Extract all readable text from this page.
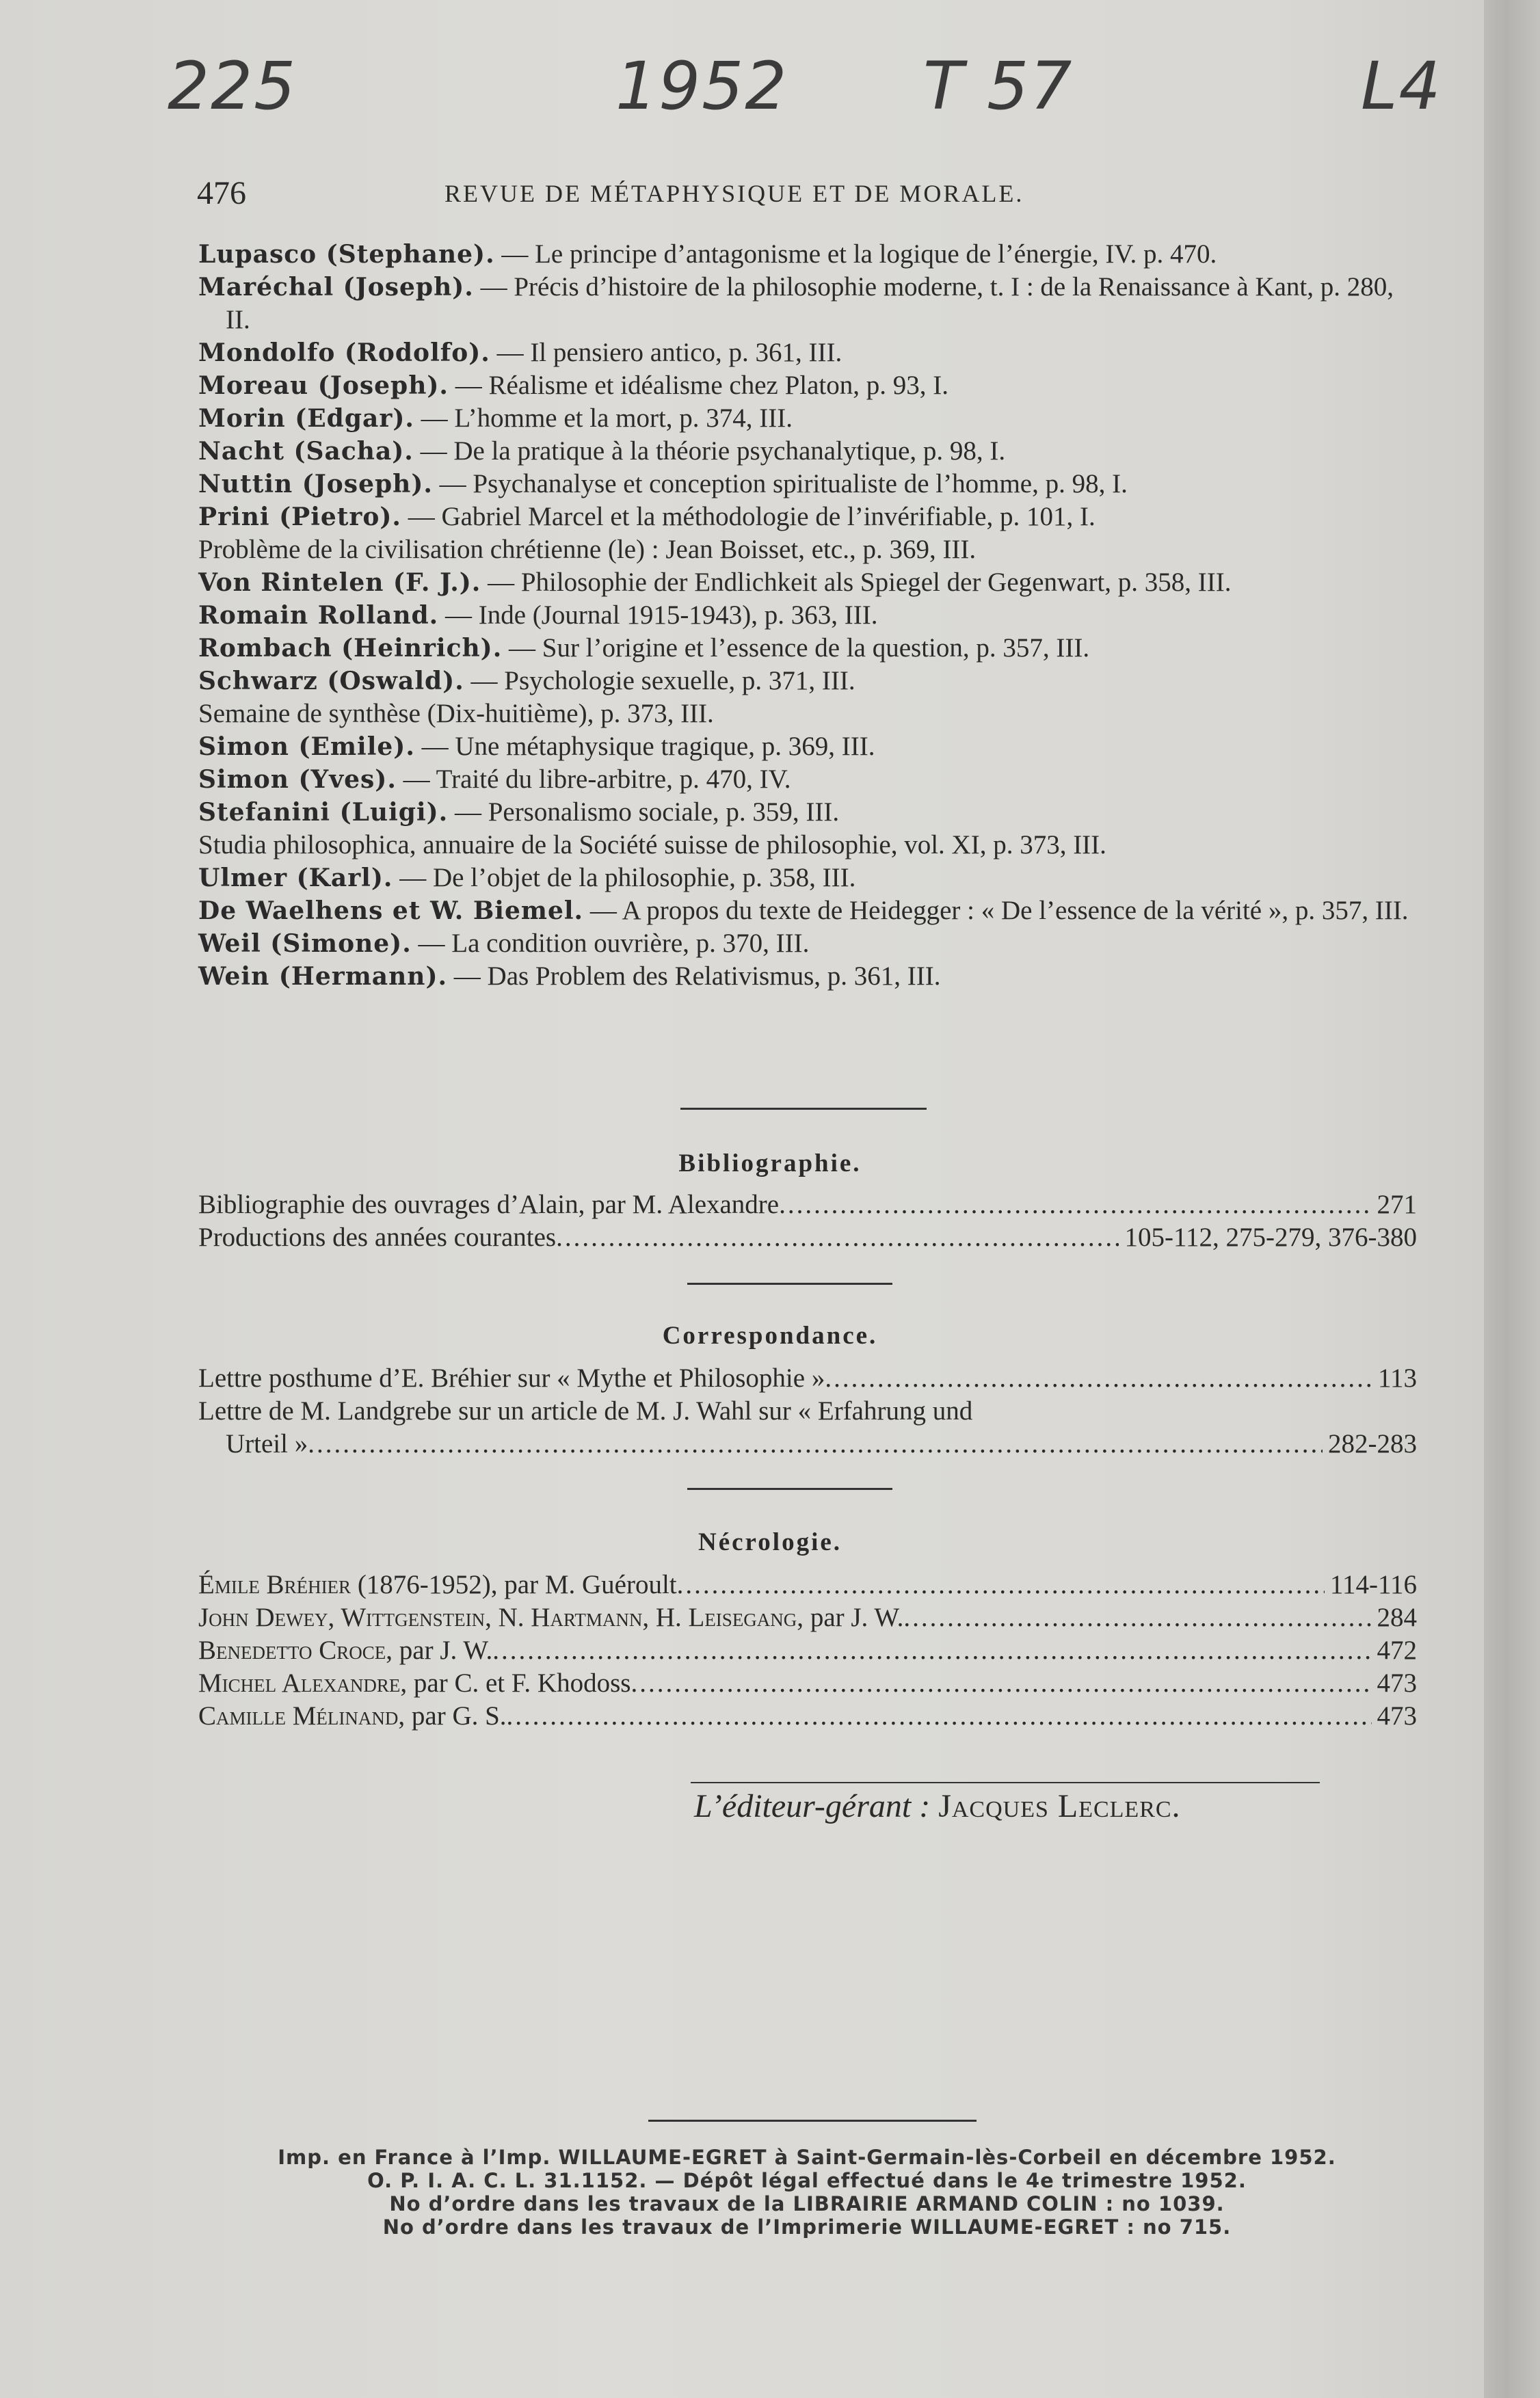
225	1952 T 57	L4
476	REVUE DE MÉTAPHYSIQUE ET DE MORALE.
Lupasco (Stephane). — Le principe d’antagonisme et la logique de l’énergie, IV. p. 470.
Maréchal (Joseph). — Précis d’histoire de la philosophie moderne, t. I : de la Renaissance à Kant, p. 280, II.
Mondolfo (Rodolfo). — Il pensiero antico, p. 361, III.
Moreau (Joseph). — Réalisme et idéalisme chez Platon, p. 93, I.
Morin (Edgar). — L’homme et la mort, p. 374, III.
Nacht (Sacha). — De la pratique à la théorie psychanalytique, p. 98, I.
Nuttin (Joseph). — Psychanalyse et conception spiritualiste de l’homme, p. 98, I.
Prini (Pietro). — Gabriel Marcel et la méthodologie de l’invérifiable, p. 101, I.
Problème de la civilisation chrétienne (le) : Jean Boisset, etc., p. 369, III.
Von Rintelen (F. J.). — Philosophie der Endlichkeit als Spiegel der Gegenwart, p. 358, III.
Romain Rolland. — Inde (Journal 1915-1943), p. 363, III.
Rombach (Heinrich). — Sur l’origine et l’essence de la question, p. 357, III.
Schwarz (Oswald). — Psychologie sexuelle, p. 371, III.
Semaine de synthèse (Dix-huitième), p. 373, III.
Simon (Emile). — Une métaphysique tragique, p. 369, III.
Simon (Yves). — Traité du libre-arbitre, p. 470, IV.
Stefanini (Luigi). — Personalismo sociale, p. 359, III.
Studia philosophica, annuaire de la Société suisse de philosophie, vol. XI, p. 373, III.
Ulmer (Karl). — De l’objet de la philosophie, p. 358, III.
De Waelhens et W. Biemel. — A propos du texte de Heidegger : « De l’essence de la vérité », p. 357, III.
Weil (Simone). — La condition ouvrière, p. 370, III.
Wein (Hermann). — Das Problem des Relativismus, p. 361, III.
Bibliographie.
Bibliographie des ouvrages d’Alain, par M. Alexandre .....	271
Productions des années courantes .....	105-112, 275-279, 376-380
Correspondance.
Lettre posthume d’E. Bréhier sur « Mythe et Philosophie » .....	113
Lettre de M. Landgrebe sur un article de M. J. Wahl sur « Erfahrung und
Urteil » .....	282-283
Nécrologie.
Émile Bréhier (1876-1952), par M. Guéroult .....	114-116
John Dewey, Wittgenstein, N. Hartmann, H. Leisegang, par J. W. .....	284
Benedetto Croce, par J. W. .....	472
Michel Alexandre, par C. et F. Khodoss .....	473
Camille Mélinand, par G. S. .....	473
L’éditeur-gérant : Jacques Leclerc.
Imp. en France à l’Imp. WILLAUME-EGRET à Saint-Germain-lès-Corbeil en décembre 1952.
O. P. I. A. C. L. 31.1152. — Dépôt légal effectué dans le 4e trimestre 1952.
No d’ordre dans les travaux de la LIBRAIRIE ARMAND COLIN : no 1039.
No d’ordre dans les travaux de l’Imprimerie WILLAUME-EGRET : no 715.
